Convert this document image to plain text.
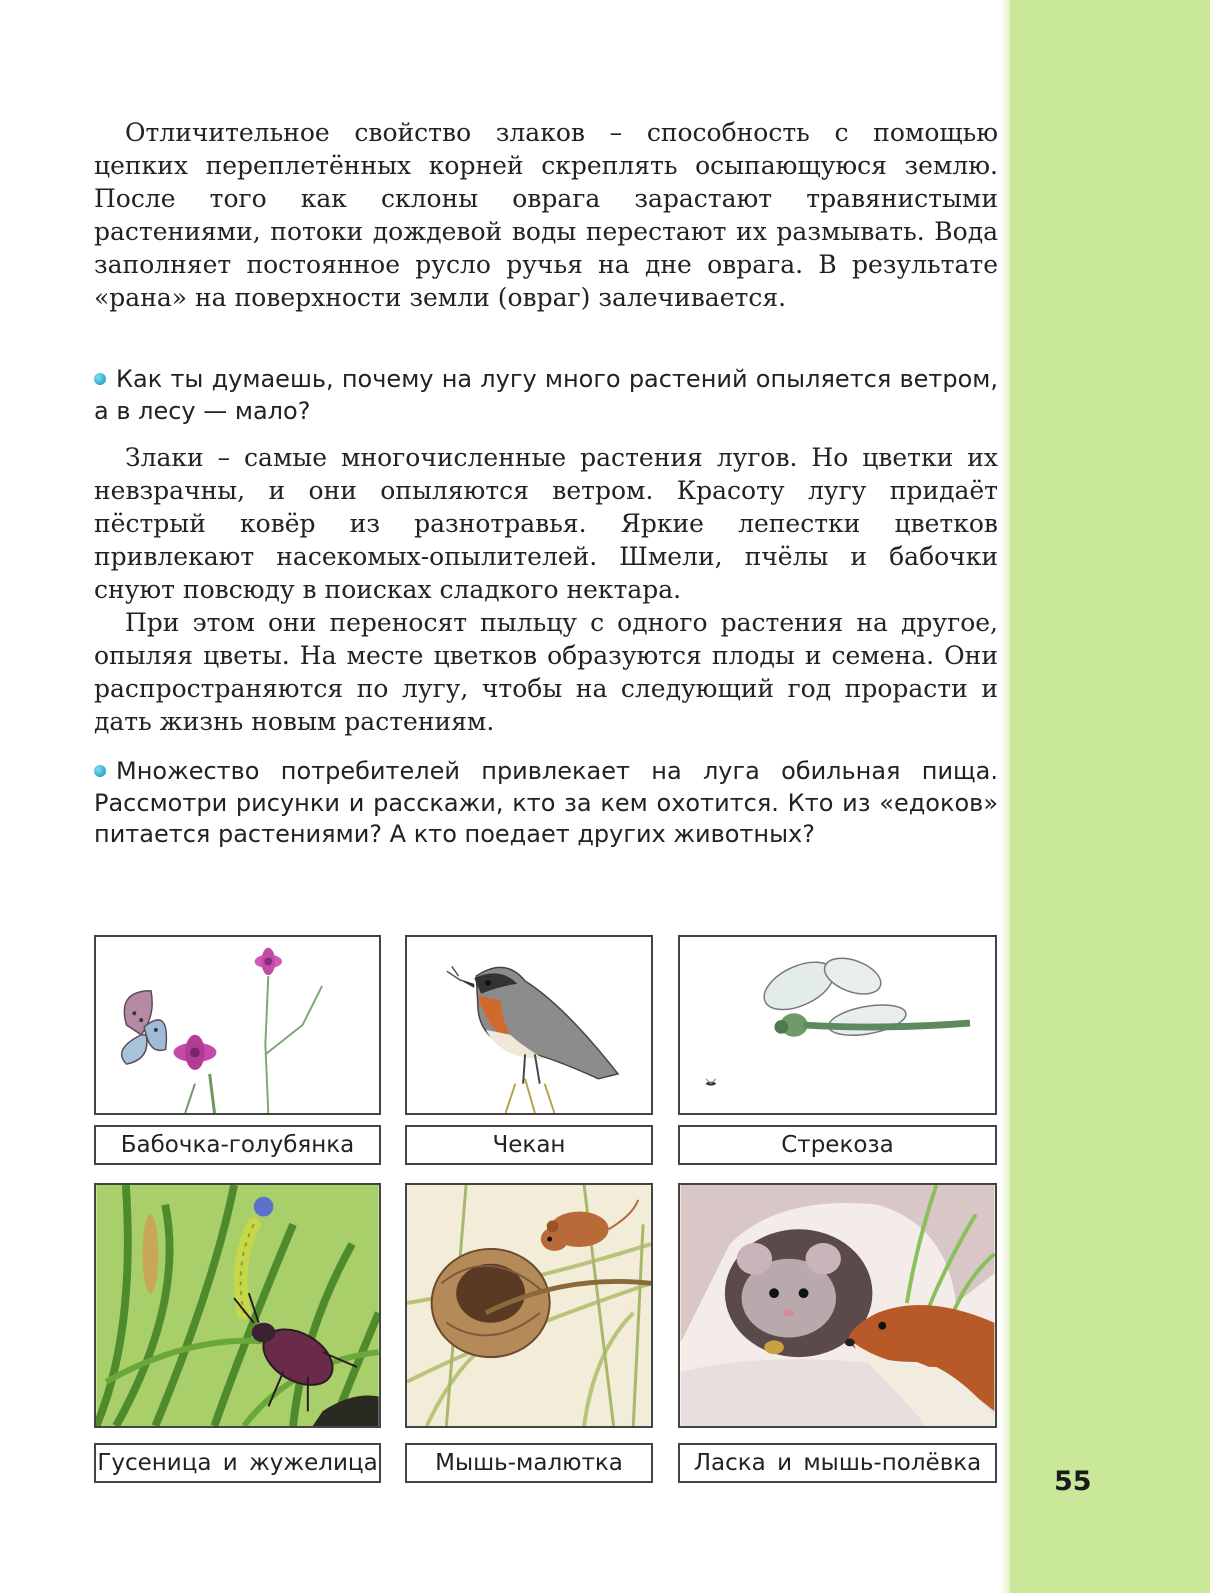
55

Отличительное свойство злаков – способность с помощью цепких переплетённых корней скреплять осыпающуюся землю. После того как склоны оврага зарастают травянистыми растениями, потоки дождевой воды перестают их размывать. Вода заполняет постоянное русло ручья на дне оврага. В результате «рана» на поверхности земли (овраг) залечивается.

Как ты думаешь, почему на лугу много растений опыляется ветром, а в лесу — мало?

Злаки – самые многочисленные растения лугов. Но цветки их невзрачны, и они опыляются ветром. Красоту лугу придаёт пёстрый ковёр из разнотравья. Яркие лепестки цветков привлекают насекомых-опылителей. Шмели, пчёлы и бабочки снуют повсюду в поисках сладкого нектара.

При этом они переносят пыльцу с одного растения на другое, опыляя цветы. На месте цветков образуются плоды и семена. Они распространяются по лугу, чтобы на следующий год прорасти и дать жизнь новым растениям.

Множество потребителей привлекает на луга обильная пища. Рассмотри рисунки и расскажи, кто за кем охотится. Кто из «едоков» питается растениями? А кто поедает других животных?

Бабочка-голубянка	Чекан	Стрекоза
Гусеница и жужелица	Мышь-малютка	Ласка и мышь-полёвка
